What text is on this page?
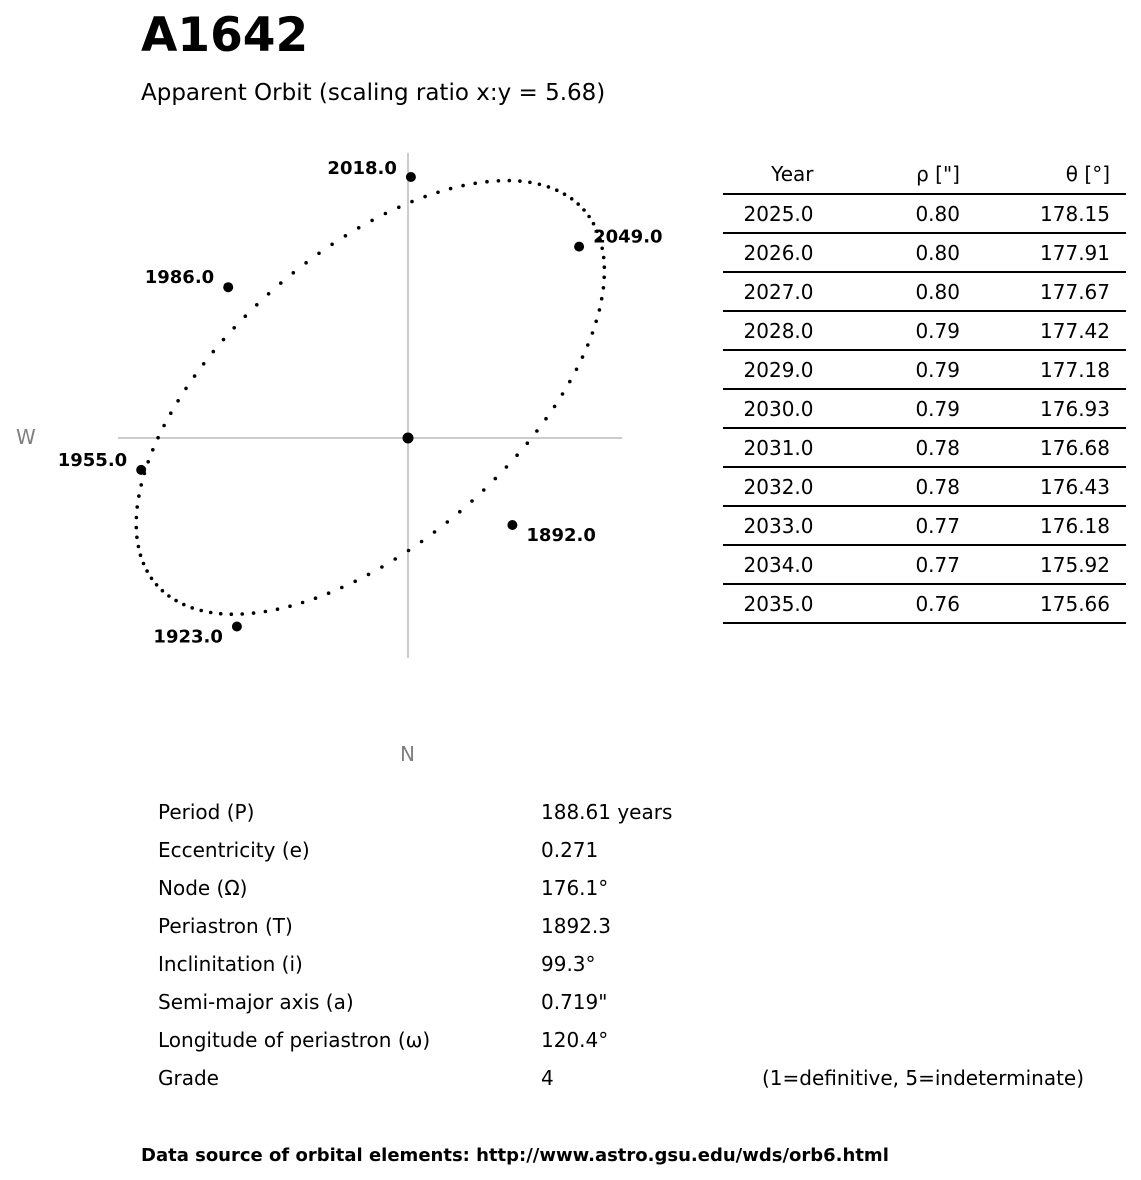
A1642
Apparent Orbit (scaling ratio x:y = 5.68)
1892.0
1923.0
1955.0
1986.0
2018.0
2049.0
W
N
Year	ρ ["]	θ [°]
2025.0	0.80	178.15
2026.0	0.80	177.91
2027.0	0.80	177.67
2028.0	0.79	177.42
2029.0	0.79	177.18
2030.0	0.79	176.93
2031.0	0.78	176.68
2032.0	0.78	176.43
2033.0	0.77	176.18
2034.0	0.77	175.92
2035.0	0.76	175.66
Period (P)	188.61 years
Eccentricity (e)	0.271
Node (Ω)	176.1°
Periastron (T)	1892.3
Inclinitation (i)	99.3°
Semi-major axis (a)	0.719"
Longitude of periastron (ω)	120.4°
Grade	4	(1=definitive, 5=indeterminate)
Data source of orbital elements: http://www.astro.gsu.edu/wds/orb6.html
